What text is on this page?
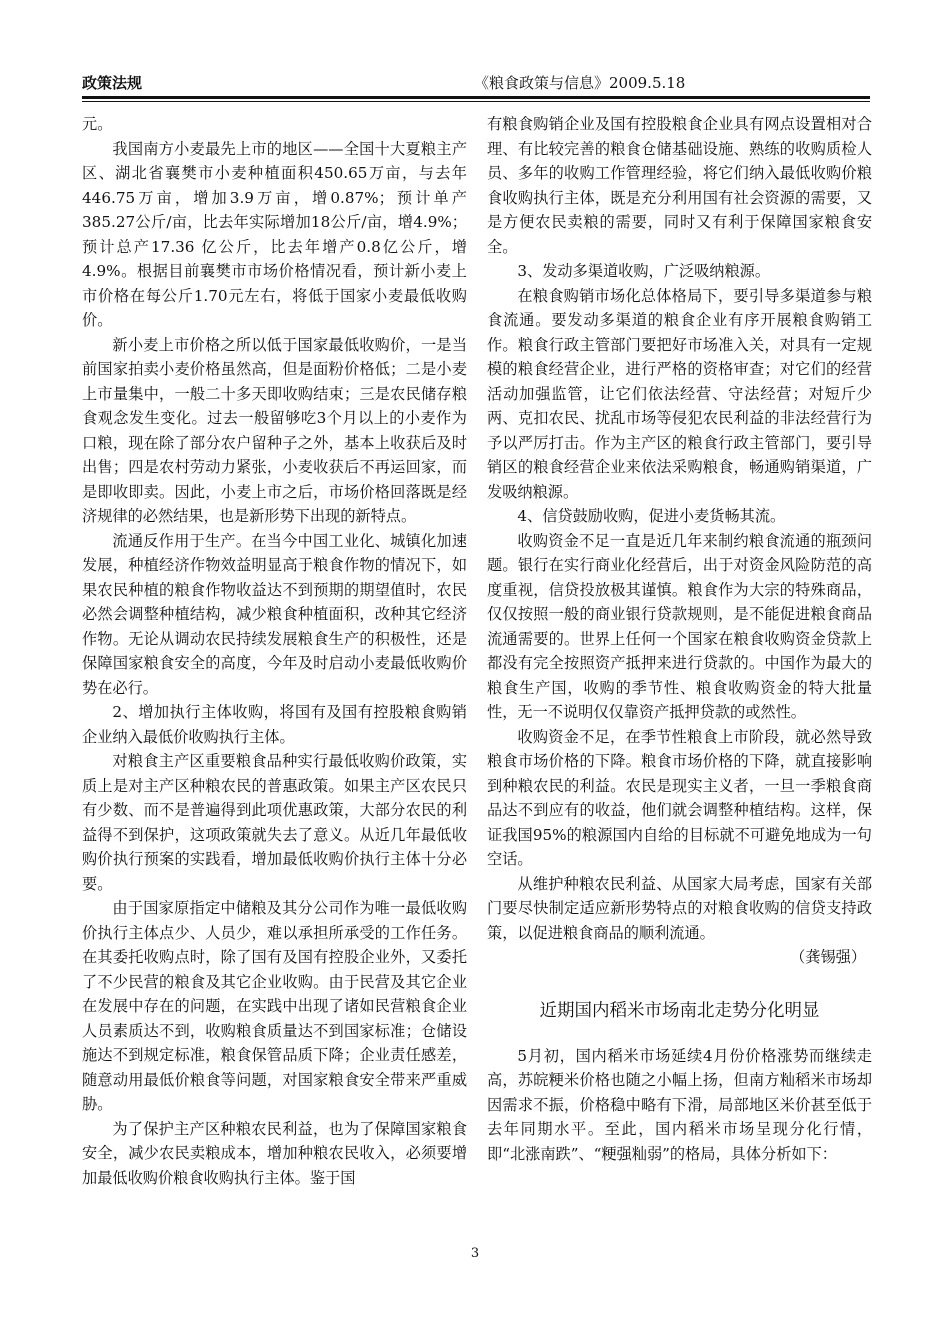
政策法规	《粮食政策与信息》2009.5.18

元。

我国南方小麦最先上市的地区——全国十大夏粮主产区、湖北省襄樊市小麦种植面积450.65万亩，与去年446.75万亩，增加3.9万亩，增0.87%；预计单产385.27公斤/亩，比去年实际增加18公斤/亩，增4.9%；预计总产17.36 亿公斤，比去年增产0.8亿公斤，增4.9%。根据目前襄樊市市场价格情况看，预计新小麦上市价格在每公斤1.70元左右，将低于国家小麦最低收购价。

新小麦上市价格之所以低于国家最低收购价，一是当前国家拍卖小麦价格虽然高，但是面粉价格低；二是小麦上市量集中，一般二十多天即收购结束；三是农民储存粮食观念发生变化。过去一般留够吃3个月以上的小麦作为口粮，现在除了部分农户留种子之外，基本上收获后及时出售；四是农村劳动力紧张，小麦收获后不再运回家，而是即收即卖。因此，小麦上市之后，市场价格回落既是经济规律的必然结果，也是新形势下出现的新特点。

流通反作用于生产。在当今中国工业化、城镇化加速发展，种植经济作物效益明显高于粮食作物的情况下，如果农民种植的粮食作物收益达不到预期的期望值时，农民必然会调整种植结构，减少粮食种植面积，改种其它经济作物。无论从调动农民持续发展粮食生产的积极性，还是保障国家粮食安全的高度，今年及时启动小麦最低收购价势在必行。

2、增加执行主体收购，将国有及国有控股粮食购销企业纳入最低价收购执行主体。

对粮食主产区重要粮食品种实行最低收购价政策，实质上是对主产区种粮农民的普惠政策。如果主产区农民只有少数、而不是普遍得到此项优惠政策，大部分农民的利益得不到保护，这项政策就失去了意义。从近几年最低收购价执行预案的实践看，增加最低收购价执行主体十分必要。

由于国家原指定中储粮及其分公司作为唯一最低收购价执行主体点少、人员少，难以承担所承受的工作任务。在其委托收购点时，除了国有及国有控股企业外，又委托了不少民营的粮食及其它企业收购。由于民营及其它企业在发展中存在的问题，在实践中出现了诸如民营粮食企业人员素质达不到，收购粮食质量达不到国家标准；仓储设施达不到规定标准，粮食保管品质下降；企业责任感差，随意动用最低价粮食等问题，对国家粮食安全带来严重威胁。

为了保护主产区种粮农民利益，也为了保障国家粮食安全，减少农民卖粮成本，增加种粮农民收入，必须要增加最低收购价粮食收购执行主体。鉴于国

有粮食购销企业及国有控股粮食企业具有网点设置相对合理、有比较完善的粮食仓储基础设施、熟练的收购质检人员、多年的收购工作管理经验，将它们纳入最低收购价粮食收购执行主体，既是充分利用国有社会资源的需要，又是方便农民卖粮的需要，同时又有利于保障国家粮食安全。

3、发动多渠道收购，广泛吸纳粮源。

在粮食购销市场化总体格局下，要引导多渠道参与粮食流通。要发动多渠道的粮食企业有序开展粮食购销工作。粮食行政主管部门要把好市场准入关，对具有一定规模的粮食经营企业，进行严格的资格审查；对它们的经营活动加强监管，让它们依法经营、守法经营；对短斤少两、克扣农民、扰乱市场等侵犯农民利益的非法经营行为予以严厉打击。作为主产区的粮食行政主管部门，要引导销区的粮食经营企业来依法采购粮食，畅通购销渠道，广发吸纳粮源。

4、信贷鼓励收购，促进小麦货畅其流。

收购资金不足一直是近几年来制约粮食流通的瓶颈问题。银行在实行商业化经营后，出于对资金风险防范的高度重视，信贷投放极其谨慎。粮食作为大宗的特殊商品，仅仅按照一般的商业银行贷款规则，是不能促进粮食商品流通需要的。世界上任何一个国家在粮食收购资金贷款上都没有完全按照资产抵押来进行贷款的。中国作为最大的粮食生产国，收购的季节性、粮食收购资金的特大批量性，无一不说明仅仅靠资产抵押贷款的或然性。

收购资金不足，在季节性粮食上市阶段，就必然导致粮食市场价格的下降。粮食市场价格的下降，就直接影响到种粮农民的利益。农民是现实主义者，一旦一季粮食商品达不到应有的收益，他们就会调整种植结构。这样，保证我国95%的粮源国内自给的目标就不可避免地成为一句空话。

从维护种粮农民利益、从国家大局考虑，国家有关部门要尽快制定适应新形势特点的对粮食收购的信贷支持政策，以促进粮食商品的顺利流通。

（龚锡强）

近期国内稻米市场南北走势分化明显

5月初，国内稻米市场延续4月份价格涨势而继续走高，苏皖粳米价格也随之小幅上扬，但南方籼稻米市场却因需求不振，价格稳中略有下滑，局部地区米价甚至低于去年同期水平。至此，国内稻米市场呈现分化行情，即“北涨南跌”、“粳强籼弱”的格局，具体分析如下：

3
